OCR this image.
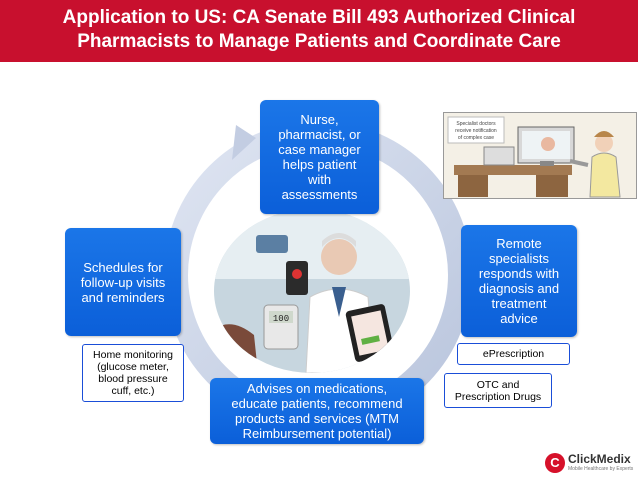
Application to US: CA Senate Bill 493 Authorized Clinical
Pharmacists to Manage Patients and Coordinate Care
100
Nurse,
pharmacist, or
case manager
helps patient
with
assessments
Remote
specialists
responds with
diagnosis and
treatment
advice
Advises on medications,
educate patients, recommend
products and services (MTM
Reimbursement potential)
Schedules for
follow-up visits
and reminders
Home monitoring
(glucose meter,
blood pressure
cuff, etc.)
ePrescription
OTC and
Prescription Drugs
Specialist doctors
receive notification
of complex case
C ClickMedix
Mobile Healthcare by Experts
